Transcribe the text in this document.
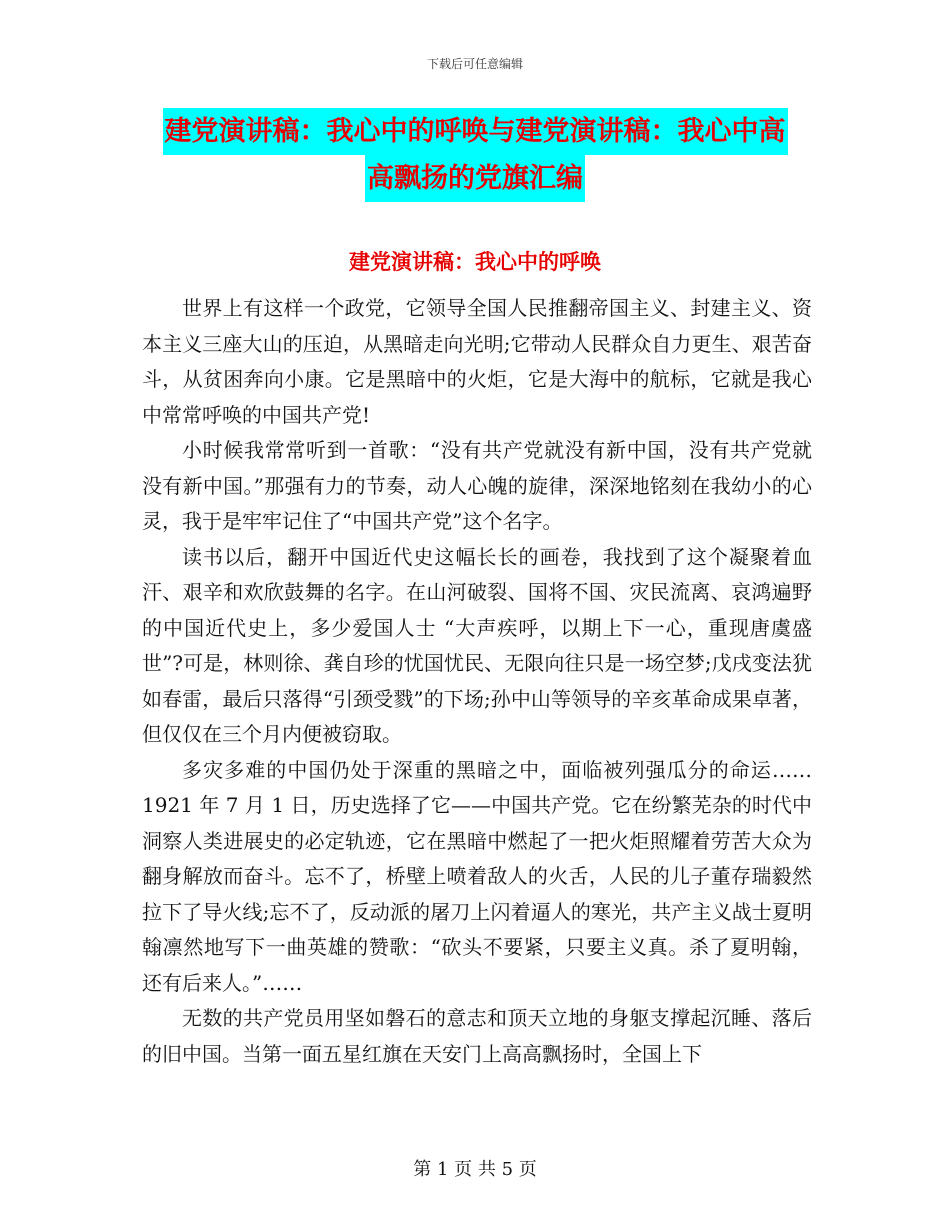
下载后可任意编辑
建党演讲稿：我心中的呼唤与建党演讲稿：我心中高
高飘扬的党旗汇编
建党演讲稿：我心中的呼唤

世界上有这样一个政党，它领导全国人民推翻帝国主义、封建主义、资本主义三座大山的压迫，从黑暗走向光明;它带动人民群众自力更生、艰苦奋斗，从贫困奔向小康。它是黑暗中的火炬，它是大海中的航标，它就是我心中常常呼唤的中国共产党!

小时候我常常听到一首歌：“没有共产党就没有新中国，没有共产党就没有新中国。”那强有力的节奏，动人心魄的旋律，深深地铭刻在我幼小的心灵，我于是牢牢记住了“中国共产党”这个名字。

读书以后，翻开中国近代史这幅长长的画卷，我找到了这个凝聚着血汗、艰辛和欢欣鼓舞的名字。在山河破裂、国将不国、灾民流离、哀鸿遍野的中国近代史上，多少爱国人士 “大声疾呼，以期上下一心，重现唐虞盛世”?可是，林则徐、龚自珍的忧国忧民、无限向往只是一场空梦;戊戌变法犹如春雷，最后只落得“引颈受戮”的下场;孙中山等领导的辛亥革命成果卓著，但仅仅在三个月内便被窃取。

多灾多难的中国仍处于深重的黑暗之中，面临被列强瓜分的命运…… 1921 年 7 月 1 日，历史选择了它——中国共产党。它在纷繁芜杂的时代中洞察人类进展史的必定轨迹，它在黑暗中燃起了一把火炬照耀着劳苦大众为翻身解放而奋斗。忘不了，桥壁上喷着敌人的火舌，人民的儿子董存瑞毅然拉下了导火线;忘不了，反动派的屠刀上闪着逼人的寒光，共产主义战士夏明翰凛然地写下一曲英雄的赞歌：“砍头不要紧，只要主义真。杀了夏明翰，还有后来人。”……

无数的共产党员用坚如磐石的意志和顶天立地的身躯支撑起沉睡、落后的旧中国。当第一面五星红旗在天安门上高高飘扬时，全国上下

第 1 页 共 5 页
